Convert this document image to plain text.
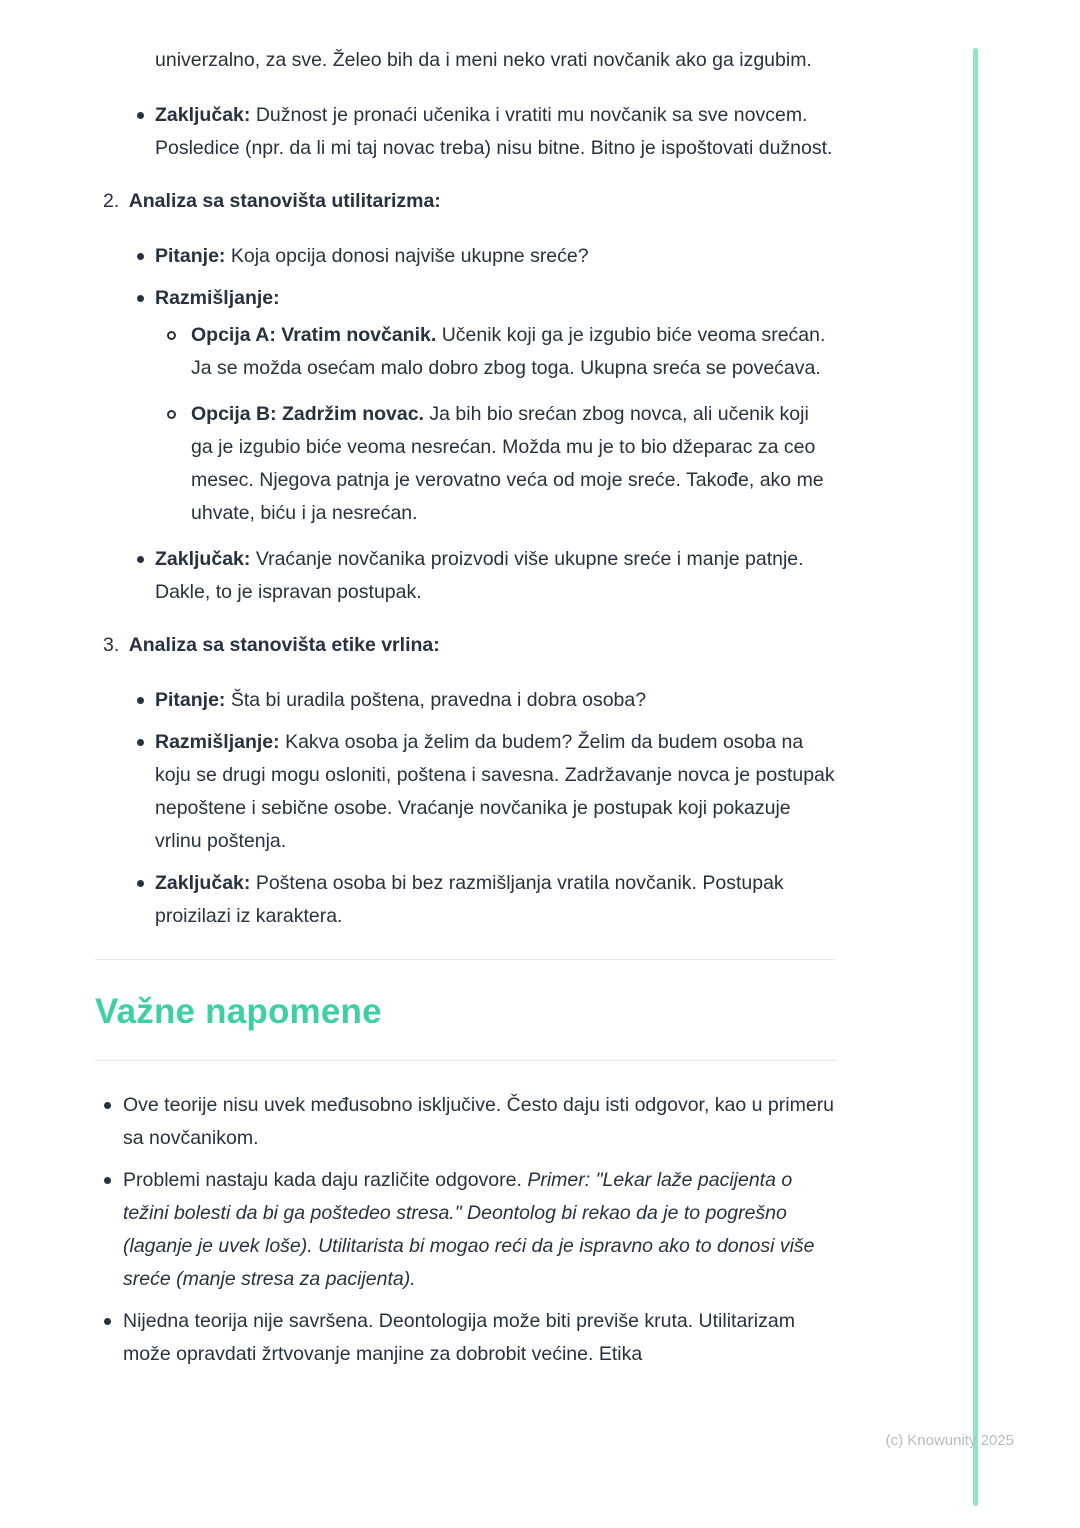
(c) Knowunity 2025

univerzalno, za sve. Želeo bih da i meni neko vrati novčanik ako ga izgubim.

Zaključak: Dužnost je pronaći učenika i vratiti mu novčanik sa sve novcem. Posledice (npr. da li mi taj novac treba) nisu bitne. Bitno je ispoštovati dužnost.
2. Analiza sa stanovišta utilitarizma:
Pitanje: Koja opcija donosi najviše ukupne sreće?
Razmišljanje:
Opcija A: Vratim novčanik. Učenik koji ga je izgubio biće veoma srećan. Ja se možda osećam malo dobro zbog toga. Ukupna sreća se povećava.
Opcija B: Zadržim novac. Ja bih bio srećan zbog novca, ali učenik koji ga je izgubio biće veoma nesrećan. Možda mu je to bio džeparac za ceo mesec. Njegova patnja je verovatno veća od moje sreće. Takođe, ako me uhvate, biću i ja nesrećan.
Zaključak: Vraćanje novčanika proizvodi više ukupne sreće i manje patnje. Dakle, to je ispravan postupak.
3. Analiza sa stanovišta etike vrlina:
Pitanje: Šta bi uradila poštena, pravedna i dobra osoba?
Razmišljanje: Kakva osoba ja želim da budem? Želim da budem osoba na koju se drugi mogu osloniti, poštena i savesna. Zadržavanje novca je postupak nepoštene i sebične osobe. Vraćanje novčanika je postupak koji pokazuje vrlinu poštenja.
Zaključak: Poštena osoba bi bez razmišljanja vratila novčanik. Postupak proizilazi iz karaktera.
Važne napomene
Ove teorije nisu uvek međusobno isključive. Često daju isti odgovor, kao u primeru sa novčanikom.
Problemi nastaju kada daju različite odgovore. Primer: "Lekar laže pacijenta o težini bolesti da bi ga poštedeo stresa." Deontolog bi rekao da je to pogrešno (laganje je uvek loše). Utilitarista bi mogao reći da je ispravno ako to donosi više sreće (manje stresa za pacijenta).
Nijedna teorija nije savršena. Deontologija može biti previše kruta. Utilitarizam može opravdati žrtvovanje manjine za dobrobit većine. Etika
